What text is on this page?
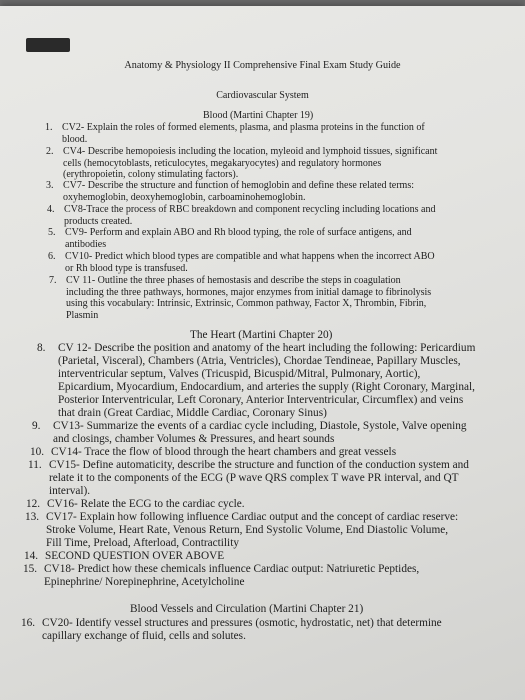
Anatomy & Physiology II Comprehensive Final Exam Study Guide
Cardiovascular System
Blood (Martini Chapter 19)
1. CV2- Explain the roles of formed elements, plasma, and plasma proteins in the function of
blood.
2. CV4- Describe hemopoiesis including the location, myleoid and lymphoid tissues, significant
cells (hemocytoblasts, reticulocytes, megakaryocytes) and regulatory hormones
(erythropoietin, colony stimulating factors).
3. CV7- Describe the structure and function of hemoglobin and define these related terms:
oxyhemoglobin, deoxyhemoglobin, carboaminohemoglobin.
4. CV8-Trace the process of RBC breakdown and component recycling including locations and
products created.
5. CV9- Perform and explain ABO and Rh blood typing, the role of surface antigens, and
antibodies
6. CV10- Predict which blood types are compatible and what happens when the incorrect ABO
or Rh blood type is transfused.
7. CV 11- Outline the three phases of hemostasis and describe the steps in coagulation
including the three pathways, hormones, major enzymes from initial damage to fibrinolysis
using this vocabulary: Intrinsic, Extrinsic, Common pathway, Factor X, Thrombin, Fibrin,
Plasmin
The Heart (Martini Chapter 20)
8. CV 12- Describe the position and anatomy of the heart including the following: Pericardium
(Parietal, Visceral), Chambers (Atria, Ventricles), Chordae Tendineae, Papillary Muscles,
interventricular septum, Valves (Tricuspid, Bicuspid/Mitral, Pulmonary, Aortic),
Epicardium, Myocardium, Endocardium, and arteries the supply (Right Coronary, Marginal,
Posterior Interventricular, Left Coronary, Anterior Interventricular, Circumflex) and veins
that drain (Great Cardiac, Middle Cardiac, Coronary Sinus)
9. CV13- Summarize the events of a cardiac cycle including, Diastole, Systole, Valve opening
and closings, chamber Volumes & Pressures, and heart sounds
10. CV14- Trace the flow of blood through the heart chambers and great vessels
11. CV15- Define automaticity, describe the structure and function of the conduction system and
relate it to the components of the ECG (P wave QRS complex T wave PR interval, and QT
interval).
12. CV16- Relate the ECG to the cardiac cycle.
13. CV17- Explain how following influence Cardiac output and the concept of cardiac reserve:
Stroke Volume, Heart Rate, Venous Return, End Systolic Volume, End Diastolic Volume,
Fill Time, Preload, Afterload, Contractility
14. SECOND QUESTION OVER ABOVE
15. CV18- Predict how these chemicals influence Cardiac output: Natriuretic Peptides,
Epinephrine/ Norepinephrine, Acetylcholine
Blood Vessels and Circulation (Martini Chapter 21)
16. CV20- Identify vessel structures and pressures (osmotic, hydrostatic, net) that determine
capillary exchange of fluid, cells and solutes.
